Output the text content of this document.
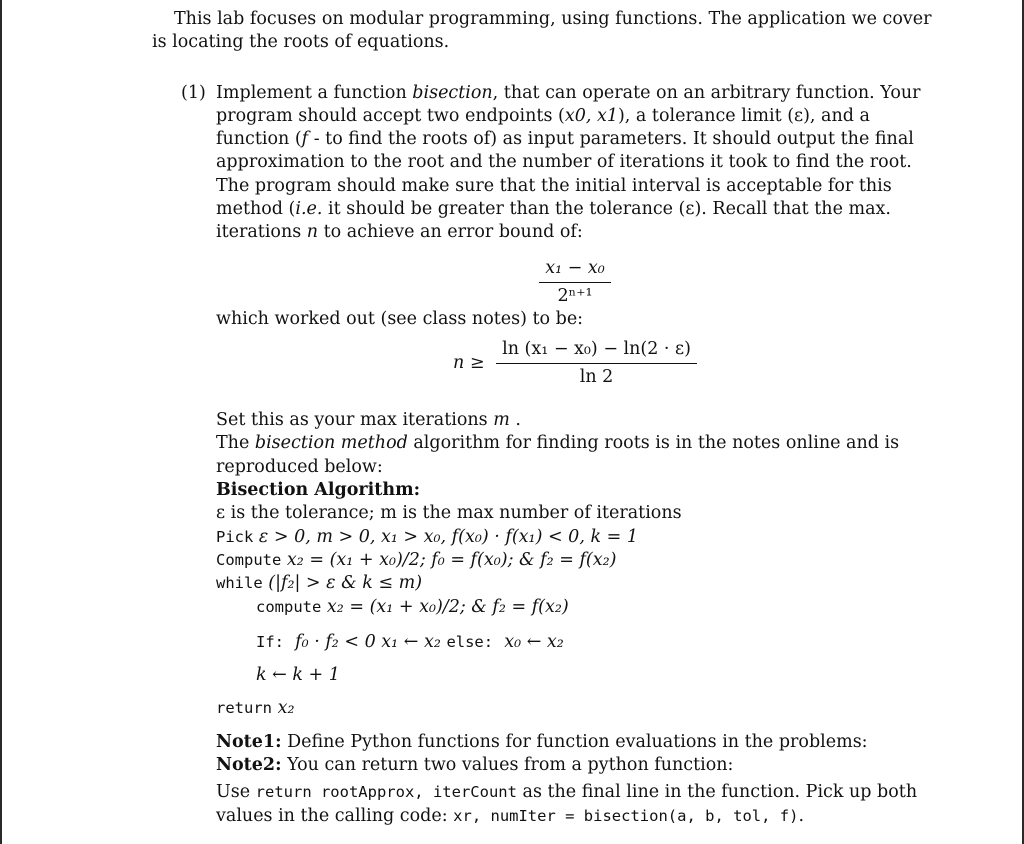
This lab focuses on modular programming, using functions. The application we cover is locating the roots of equations.

(1) Implement a function bisection, that can operate on an arbitrary function. Your program should accept two endpoints (x0, x1), a tolerance limit (ε), and a function (f - to find the roots of) as input parameters. It should output the final approximation to the root and the number of iterations it took to find the root. The program should make sure that the initial interval is acceptable for this method (i.e. it should be greater than the tolerance (ε). Recall that the max. iterations n to achieve an error bound of:

$\frac{\text{x₁ − x₀}}{\text{2ⁿ⁺¹}}$

which worked out (see class notes) to be:

$n \ge \frac{\text{ln (x₁ − x₀) − ln(2 · ε)}}{\ln 2}$

Set this as your max iterations m .

The bisection method algorithm for finding roots is in the notes online and is reproduced below:

Bisection Algorithm:

ε is the tolerance; m is the max number of iterations

Pick ε > 0, m > 0, x₁ > x₀, f(x₀) · f(x₁) < 0, k = 1
Compute x₂ = (x₁ + x₀)/2; f₀ = f(x₀); & f₂ = f(x₂)
while (|f₂| > ε & k ≤ m)
compute x₂ = (x₁ + x₀)/2; & f₂ = f(x₂)
If: f₀ · f₂ < 0 x₁ ← x₂ else: x₀ ← x₂
k ← k + 1
return x₂

Note1: Define Python functions for function evaluations in the problems:

Note2: You can return two values from a python function:

Use return rootApprox, iterCount as the final line in the function. Pick up both values in the calling code: xr, numIter = bisection(a, b, tol, f).
